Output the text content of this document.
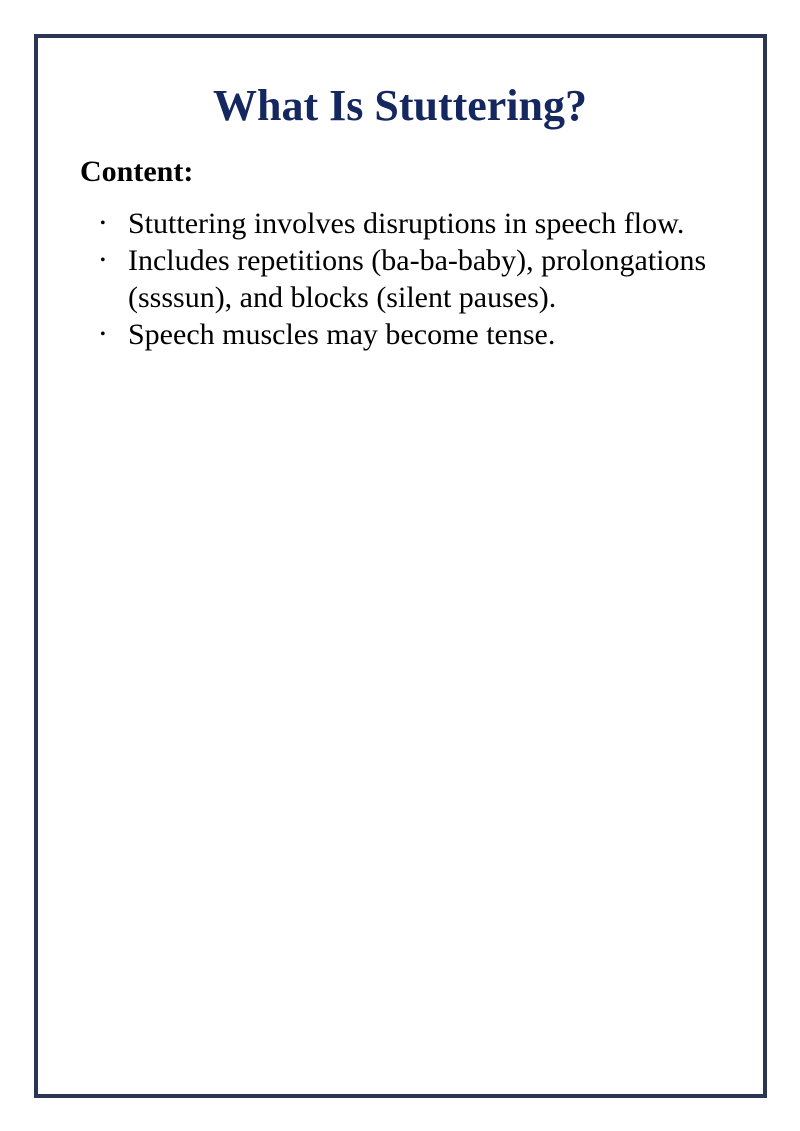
What Is Stuttering?
Content:
• Stuttering involves disruptions in speech flow.
• Includes repetitions (ba-ba-baby), prolongations (ssssun), and blocks (silent pauses).
• Speech muscles may become tense.
